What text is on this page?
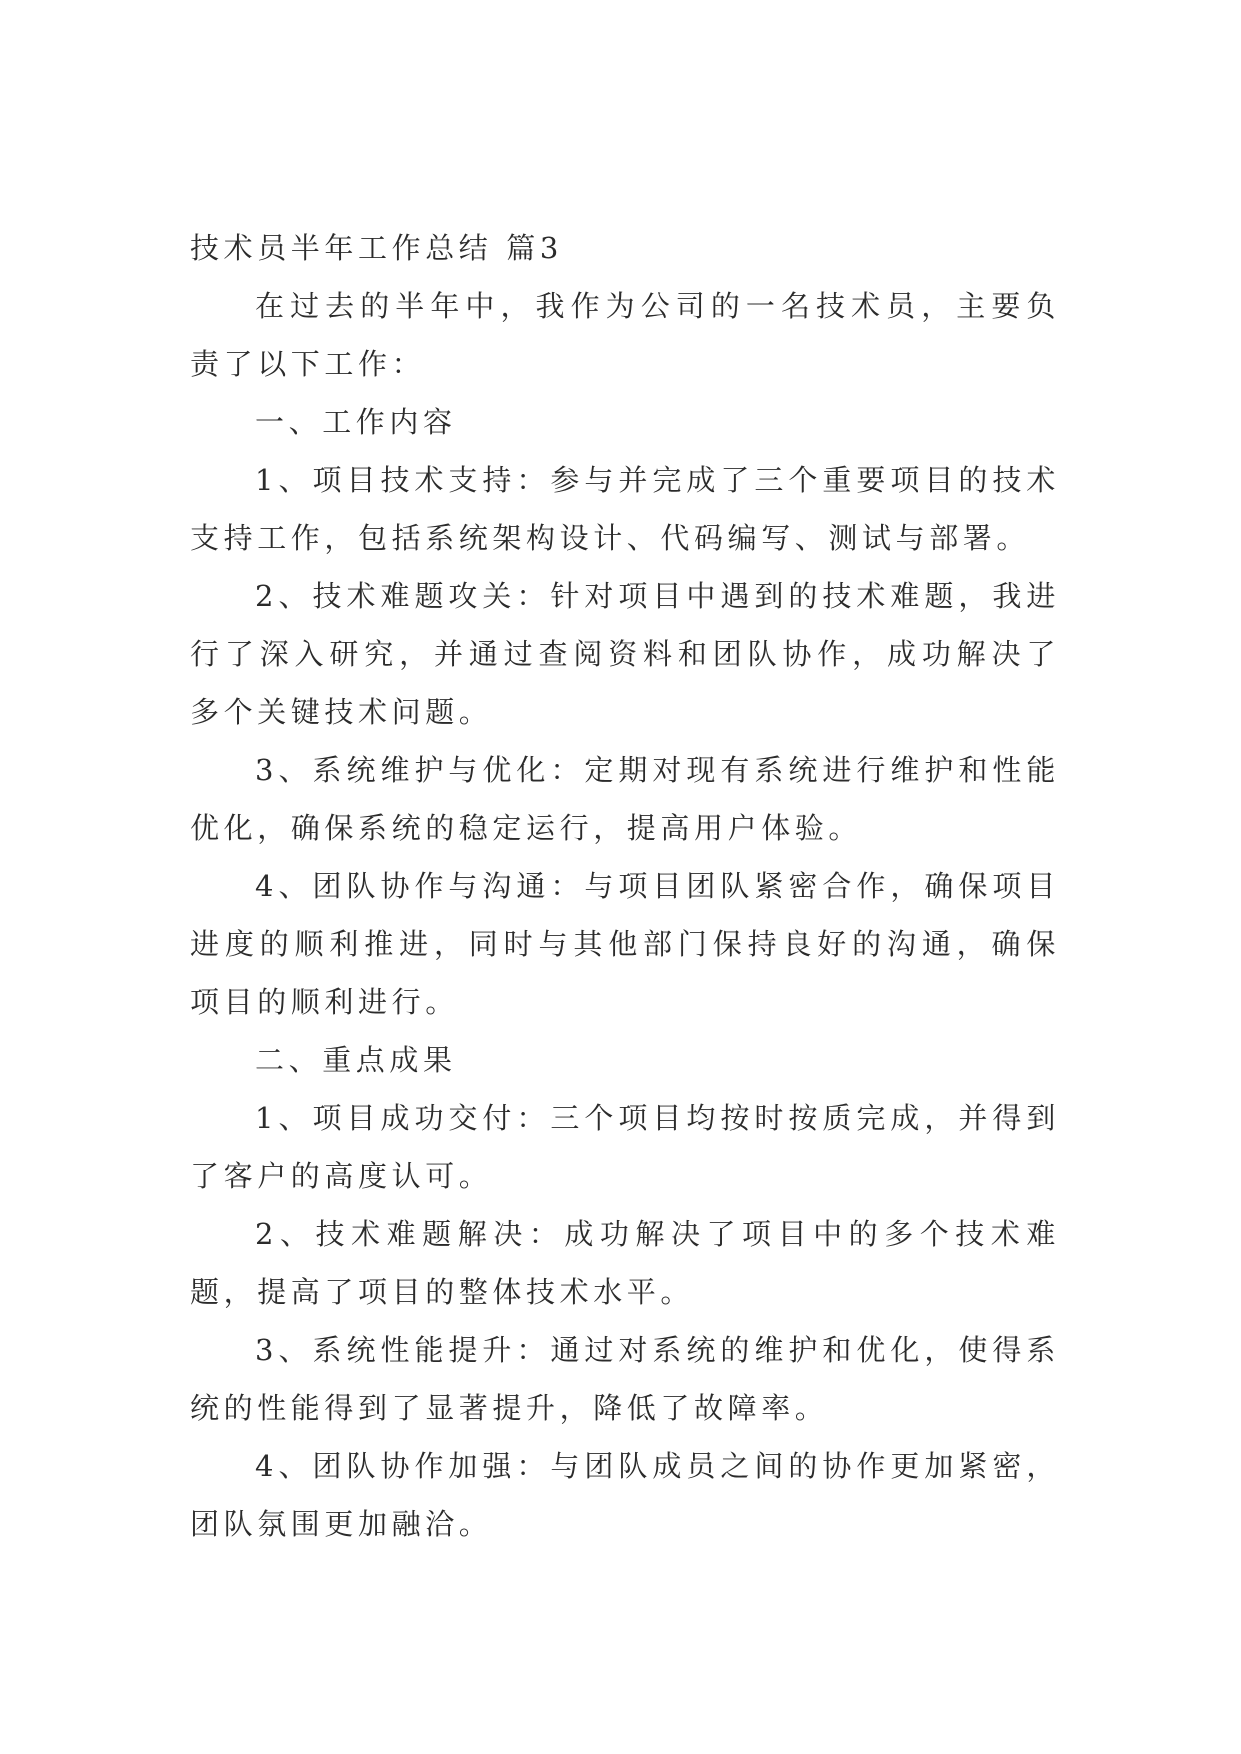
技术员半年工作总结 篇3

在过去的半年中，我作为公司的一名技术员，主要负责了以下工作：

一、工作内容

1、项目技术支持：参与并完成了三个重要项目的技术支持工作，包括系统架构设计、代码编写、测试与部署。

2、技术难题攻关：针对项目中遇到的技术难题，我进行了深入研究，并通过查阅资料和团队协作，成功解决了多个关键技术问题。

3、系统维护与优化：定期对现有系统进行维护和性能优化，确保系统的稳定运行，提高用户体验。

4、团队协作与沟通：与项目团队紧密合作，确保项目进度的顺利推进，同时与其他部门保持良好的沟通，确保项目的顺利进行。

二、重点成果

1、项目成功交付：三个项目均按时按质完成，并得到了客户的高度认可。

2、技术难题解决：成功解决了项目中的多个技术难题，提高了项目的整体技术水平。

3、系统性能提升：通过对系统的维护和优化，使得系统的性能得到了显著提升，降低了故障率。

4、团队协作加强：与团队成员之间的协作更加紧密，团队氛围更加融洽。
